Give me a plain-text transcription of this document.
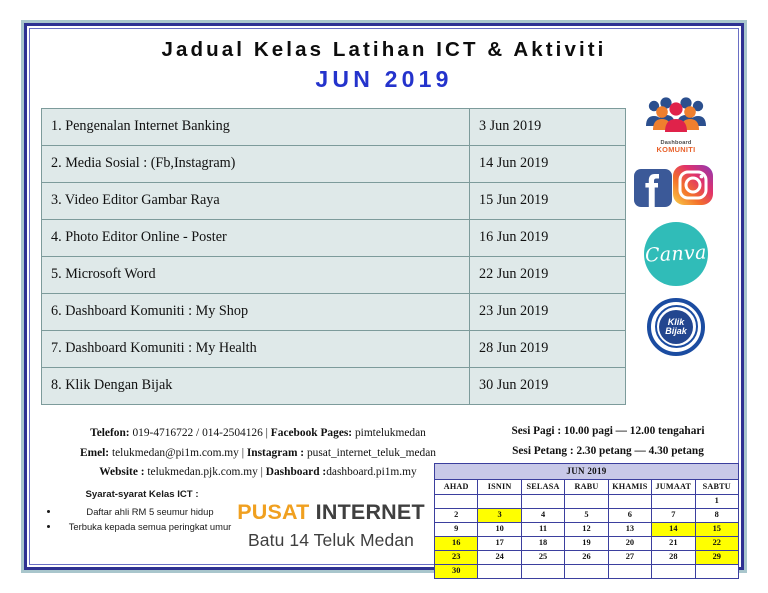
Jadual Kelas Latihan ICT & Aktiviti
JUN 2019
1. Pengenalan Internet Banking	3 Jun 2019
2. Media Sosial : (Fb,Instagram)	14 Jun 2019
3. Video Editor Gambar Raya	15 Jun 2019
4. Photo Editor Online - Poster	16 Jun 2019
5. Microsoft Word	22 Jun 2019
6. Dashboard Komuniti : My Shop	23 Jun 2019
7. Dashboard Komuniti : My Health	28 Jun 2019
8. Klik Dengan Bijak	30 Jun 2019
Dashboard
KOMUNITI
Canva
Klik
Bijak
Telefon: 019-4716722 / 014-2504126 | Facebook Pages: pimtelukmedan
Emel: telukmedan@pi1m.com.my | Instagram : pusat_internet_teluk_medan
Website : telukmedan.pjk.com.my | Dashboard :dashboard.pi1m.my
Sesi Pagi : 10.00 pagi — 12.00 tengahari
Sesi Petang : 2.30 petang — 4.30 petang
Syarat-syarat Kelas ICT :
• Daftar ahli RM 5 seumur hidup
• Terbuka kepada semua peringkat umur
PUSAT INTERNET
Batu 14 Teluk Medan
JUN 2019						
AHAD	ISNIN	SELASA	RABU	KHAMIS	JUMAAT	SABTU
						1
2	3	4	5	6	7	8
9	10	11	12	13	14	15
16	17	18	19	20	21	22
23	24	25	26	27	28	29
30						
